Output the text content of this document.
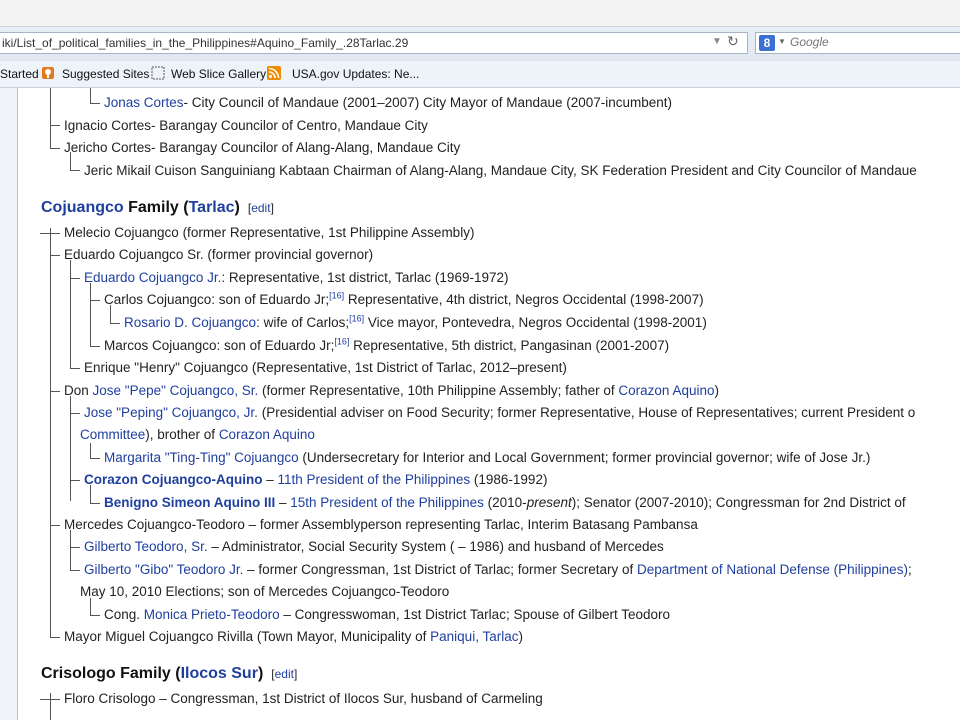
iki/List_of_political_families_in_the_Philippines#Aquino_Family_.28Tarlac.29	▼ ↻	8 ▼ Google
Started Suggested Sites Web Slice Gallery USA.gov Updates: Ne...
Jonas Cortes- City Council of Mandaue (2001–2007) City Mayor of Mandaue (2007-incumbent)
Ignacio Cortes- Barangay Councilor of Centro, Mandaue City
Jericho Cortes- Barangay Councilor of Alang-Alang, Mandaue City
Jeric Mikail Cuison Sanguiniang Kabtaan Chairman of Alang-Alang, Mandaue City, SK Federation President and City Councilor of Mandaue
Cojuangco Family (Tarlac) [edit]
Melecio Cojuangco (former Representative, 1st Philippine Assembly)
Eduardo Cojuangco Sr. (former provincial governor)
Eduardo Cojuangco Jr.: Representative, 1st district, Tarlac (1969-1972)
Carlos Cojuangco: son of Eduardo Jr;[16] Representative, 4th district, Negros Occidental (1998-2007)
Rosario D. Cojuangco: wife of Carlos;[16] Vice mayor, Pontevedra, Negros Occidental (1998-2001)
Marcos Cojuangco: son of Eduardo Jr;[16] Representative, 5th district, Pangasinan (2001-2007)
Enrique "Henry" Cojuangco (Representative, 1st District of Tarlac, 2012–present)
Don Jose "Pepe" Cojuangco, Sr. (former Representative, 10th Philippine Assembly; father of Corazon Aquino)
Jose "Peping" Cojuangco, Jr. (Presidential adviser on Food Security; former Representative, House of Representatives; current President o
Committee), brother of Corazon Aquino
Margarita "Ting-Ting" Cojuangco (Undersecretary for Interior and Local Government; former provincial governor; wife of Jose Jr.)
Corazon Cojuangco-Aquino – 11th President of the Philippines (1986-1992)
Benigno Simeon Aquino III – 15th President of the Philippines (2010-present); Senator (2007-2010); Congressman for 2nd District of
Mercedes Cojuangco-Teodoro – former Assemblyperson representing Tarlac, Interim Batasang Pambansa
Gilberto Teodoro, Sr. – Administrator, Social Security System ( – 1986) and husband of Mercedes
Gilberto "Gibo" Teodoro Jr. – former Congressman, 1st District of Tarlac; former Secretary of Department of National Defense (Philippines);
May 10, 2010 Elections; son of Mercedes Cojuangco-Teodoro
Cong. Monica Prieto-Teodoro – Congresswoman, 1st District Tarlac; Spouse of Gilbert Teodoro
Mayor Miguel Cojuangco Rivilla (Town Mayor, Municipality of Paniqui, Tarlac)
Crisologo Family (Ilocos Sur) [edit]
Floro Crisologo – Congressman, 1st District of Ilocos Sur, husband of Carmeling
